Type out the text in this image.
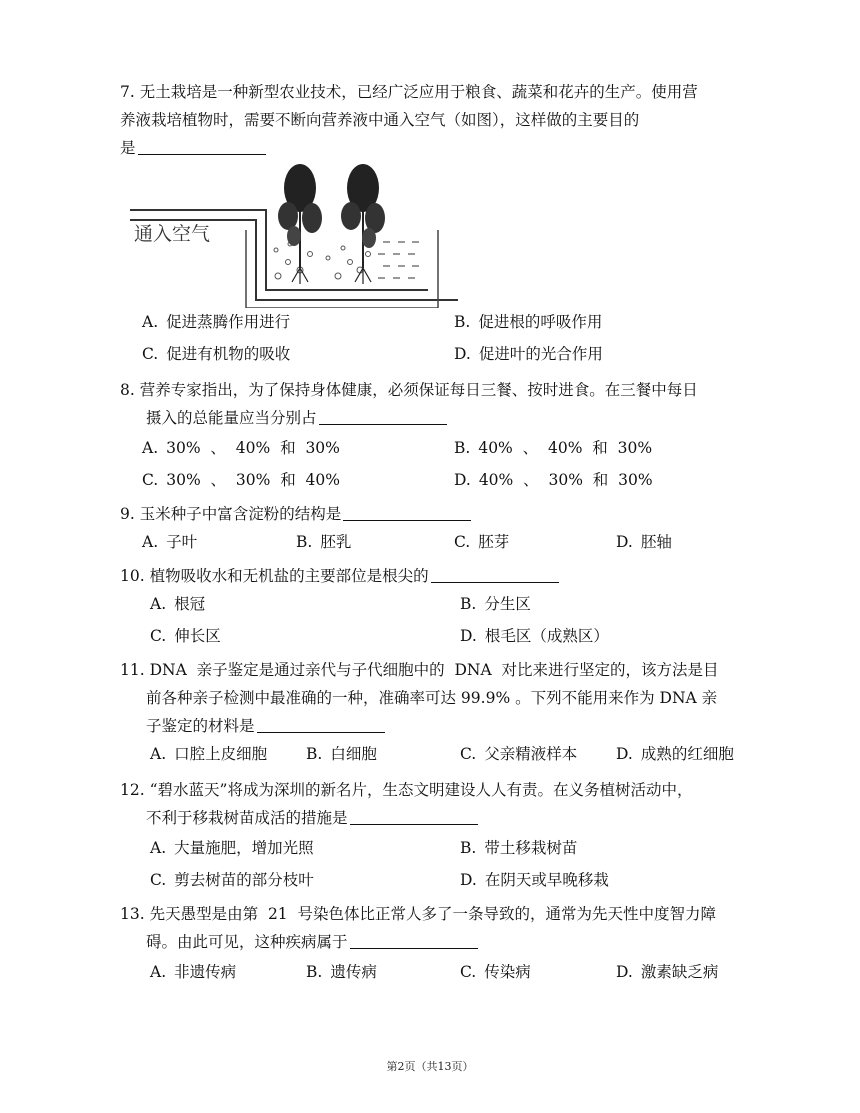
7. 无土栽培是一种新型农业技术，已经广泛应用于粮食、蔬菜和花卉的生产。使用营
养液栽培植物时，需要不断向营养液中通入空气（如图），这样做的主要目的
是
通入空气
A. 促进蒸腾作用进行	B. 促进根的呼吸作用
C. 促进有机物的吸收	D. 促进叶的光合作用
8. 营养专家指出，为了保持身体健康，必须保证每日三餐、按时进食。在三餐中每日
摄入的总能量应当分别占
A. 30%  、  40%  和  30%	B. 40%  、  40%  和  30%
C. 30%  、  30%  和  40%	D. 40%  、  30%  和  30%
9. 玉米种子中富含淀粉的结构是
A. 子叶	B. 胚乳	C. 胚芽	D. 胚轴
10. 植物吸收水和无机盐的主要部位是根尖的
A. 根冠	B. 分生区
C. 伸长区	D. 根毛区（成熟区）
11. DNA  亲子鉴定是通过亲代与子代细胞中的  DNA  对比来进行坚定的，该方法是目
前各种亲子检测中最准确的一种，准确率可达 99.9% 。下列不能用来作为 DNA 亲
子鉴定的材料是
A. 口腔上皮细胞	B. 白细胞	C. 父亲精液样本	D. 成熟的红细胞
12. “碧水蓝天”将成为深圳的新名片，生态文明建设人人有责。在义务植树活动中，
不利于移栽树苗成活的措施是
A. 大量施肥，增加光照	B. 带土移栽树苗
C. 剪去树苗的部分枝叶	D. 在阴天或早晚移栽
13. 先天愚型是由第  21  号染色体比正常人多了一条导致的，通常为先天性中度智力障
碍。由此可见，这种疾病属于
A. 非遗传病	B. 遗传病	C. 传染病	D. 激素缺乏病
第2页（共13页）
